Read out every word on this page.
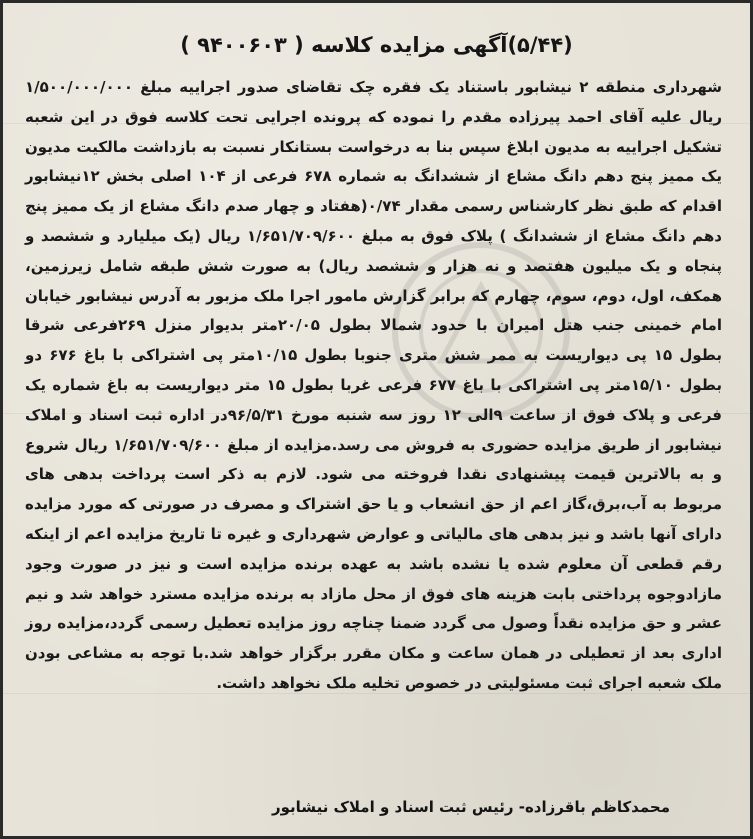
(۵/۴۴)آگهی مزایده کلاسه ( ۹۴۰۰۶۰۳ )

شهرداری منطقه ۲ نیشابور باستناد یک فقره چک تقاضای صدور اجراییه مبلغ ۱/۵۰۰/۰۰۰/۰۰۰ ریال علیه آقای احمد پیرزاده مقدم را نموده که پرونده اجرایی تحت کلاسه فوق در این شعبه تشکیل اجراییه به مدیون ابلاغ سپس بنا به درخواست بستانکار نسبت به بازداشت مالکیت مدیون یک ممیز پنج دهم دانگ مشاع از ششدانگ به شماره ۶۷۸ فرعی از ۱۰۴ اصلی بخش ۱۲نیشابور اقدام که طبق نظر کارشناس رسمی مقدار ۰/۷۴(هفتاد و چهار صدم دانگ مشاع از یک ممیز پنج دهم دانگ مشاع از ششدانگ ) پلاک فوق به مبلغ ۱/۶۵۱/۷۰۹/۶۰۰ ریال (یک میلیارد و ششصد و پنجاه و یک میلیون هفتصد و نه هزار و ششصد ریال) به صورت شش طبقه شامل زیرزمین، همکف، اول، دوم، سوم، چهارم که برابر گزارش مامور اجرا ملک مزبور به آدرس نیشابور خیابان امام خمینی جنب هتل امیران با حدود شمالا بطول ۲۰/۰۵متر بدیوار منزل ۲۶۹فرعی شرقا بطول ۱۵ پی دیواریست به ممر شش متری جنوبا بطول ۱۰/۱۵متر پی اشتراکی با باغ ۶۷۶ دو بطول ۱۵/۱۰متر پی اشتراکی با باغ ۶۷۷ فرعی غربا بطول ۱۵ متر دیواریست به باغ شماره یک فرعی و پلاک فوق از ساعت ۹الی ۱۲ روز سه شنبه مورخ ۹۶/۵/۳۱در اداره ثبت اسناد و املاک نیشابور از طریق مزایده حضوری به فروش می رسد.مزایده از مبلغ ۱/۶۵۱/۷۰۹/۶۰۰ ریال شروع و به بالاترین قیمت پیشنهادی نقدا فروخته می شود. لازم به ذکر است پرداخت بدهی های مربوط به آب،برق،گاز اعم از حق انشعاب و یا حق اشتراک و مصرف در صورتی که مورد مزایده دارای آنها باشد و نیز بدهی های مالیاتی و عوارض شهرداری و غیره تا تاریخ مزایده اعم از اینکه رقم قطعی آن معلوم شده یا نشده باشد به عهده برنده مزایده است و نیز در صورت وجود مازادوجوه پرداختی بابت هزینه های فوق از محل مازاد به برنده مزایده مسترد خواهد شد و نیم عشر و حق مزایده نقداً وصول می گردد ضمنا چناچه روز مزایده تعطیل رسمی گردد،مزایده روز اداری بعد از تعطیلی در همان ساعت و مکان مقرر برگزار خواهد شد.با توجه به مشاعی بودن ملک شعبه اجرای ثبت مسئولیتی در خصوص تخلیه ملک نخواهد داشت.

محمدکاظم باقرزاده- رئیس ثبت اسناد و املاک نیشابور
